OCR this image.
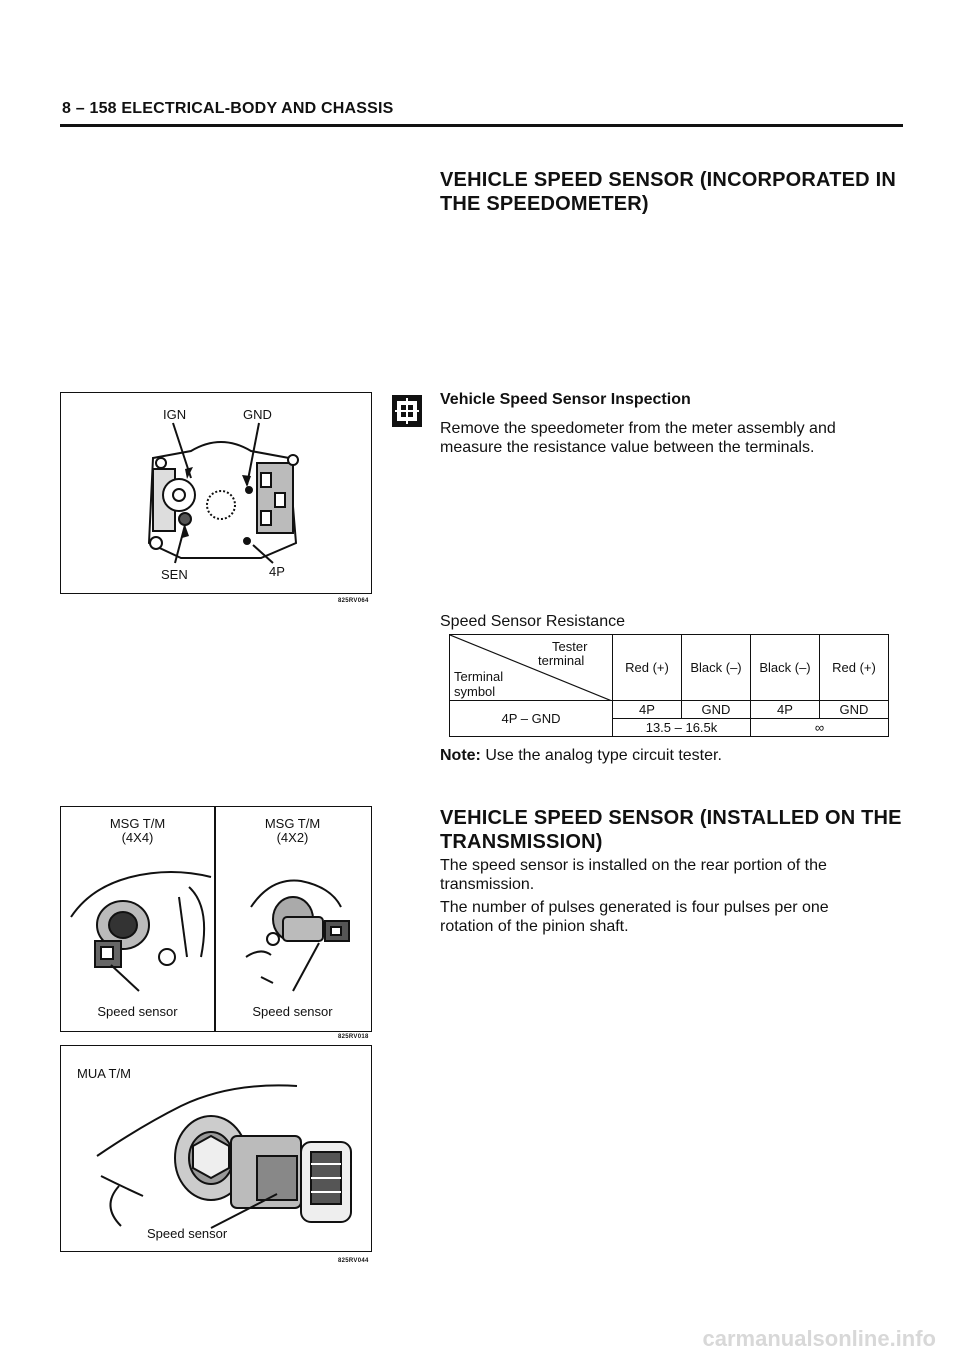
8 – 158 ELECTRICAL-BODY AND CHASSIS
VEHICLE SPEED SENSOR (INCORPORATED IN
THE SPEEDOMETER)
IGN	GND
SEN	4P
825RV064
Vehicle Speed Sensor Inspection
Remove the speedometer from the meter assembly and
measure the resistance value between the terminals.
Speed Sensor Resistance
Tester
terminal
Terminal
symbol	Red (+)	Black (–)	Black (–)	Red (+)
4P – GND	4P	GND	4P	GND
	13.5 – 16.5k		∞	
Note: Use the analog type circuit tester.
MSG T/M
(4X4)
MSG T/M
(4X2)
Speed sensor	Speed sensor
825RV018
MUA T/M
Speed sensor
825RV044
VEHICLE SPEED SENSOR (INSTALLED ON THE
TRANSMISSION)
The speed sensor is installed on the rear portion of the
transmission.
The number of pulses generated is four pulses per one
rotation of the pinion shaft.
carmanualsonline.info
